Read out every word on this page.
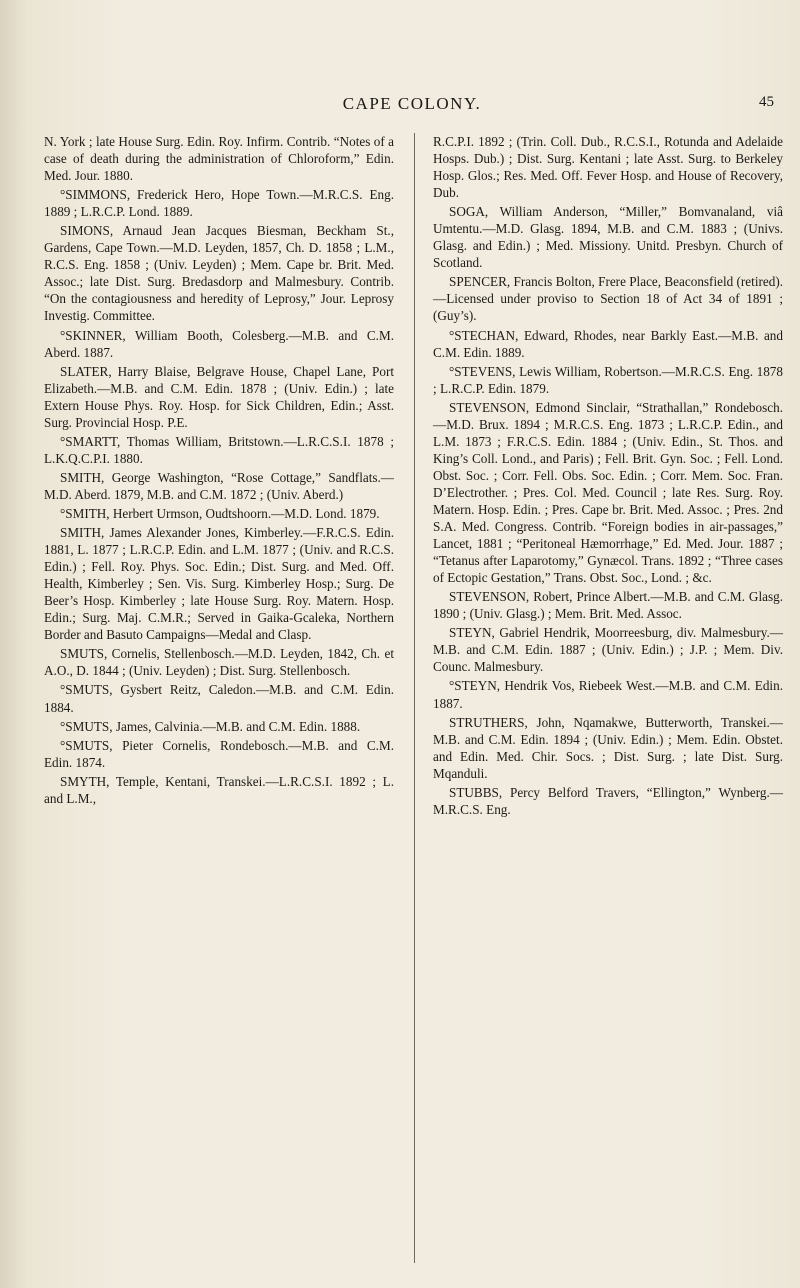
CAPE COLONY.	45

N. York ; late House Surg. Edin. Roy. Infirm. Contrib. “Notes of a case of death during the administration of Chloroform,” Edin. Med. Jour. 1880.

°SIMMONS, Frederick Hero, Hope Town.—M.R.C.S. Eng. 1889 ; L.R.C.P. Lond. 1889.

SIMONS, Arnaud Jean Jacques Biesman, Beckham St., Gardens, Cape Town.—M.D. Leyden, 1857, Ch. D. 1858 ; L.M., R.C.S. Eng. 1858 ; (Univ. Leyden) ; Mem. Cape br. Brit. Med. Assoc.; late Dist. Surg. Bredasdorp and Malmesbury. Contrib. “On the contagiousness and heredity of Leprosy,” Jour. Leprosy Investig. Committee.

°SKINNER, William Booth, Colesberg.—M.B. and C.M. Aberd. 1887.

SLATER, Harry Blaise, Belgrave House, Chapel Lane, Port Elizabeth.—M.B. and C.M. Edin. 1878 ; (Univ. Edin.) ; late Extern House Phys. Roy. Hosp. for Sick Children, Edin.; Asst. Surg. Provincial Hosp. P.E.

°SMARTT, Thomas William, Britstown.—L.R.C.S.I. 1878 ; L.K.Q.C.P.I. 1880.

SMITH, George Washington, “Rose Cottage,” Sandflats.—M.D. Aberd. 1879, M.B. and C.M. 1872 ; (Univ. Aberd.)

°SMITH, Herbert Urmson, Oudtshoorn.—M.D. Lond. 1879.

SMITH, James Alexander Jones, Kimberley.—F.R.C.S. Edin. 1881, L. 1877 ; L.R.C.P. Edin. and L.M. 1877 ; (Univ. and R.C.S. Edin.) ; Fell. Roy. Phys. Soc. Edin.; Dist. Surg. and Med. Off. Health, Kimberley ; Sen. Vis. Surg. Kimberley Hosp.; Surg. De Beer’s Hosp. Kimberley ; late House Surg. Roy. Matern. Hosp. Edin.; Surg. Maj. C.M.R.; Served in Gaika-Gcaleka, Northern Border and Basuto Campaigns—Medal and Clasp.

SMUTS, Cornelis, Stellenbosch.—M.D. Leyden, 1842, Ch. et A.O., D. 1844 ; (Univ. Leyden) ; Dist. Surg. Stellenbosch.

°SMUTS, Gysbert Reitz, Caledon.—M.B. and C.M. Edin. 1884.

°SMUTS, James, Calvinia.—M.B. and C.M. Edin. 1888.

°SMUTS, Pieter Cornelis, Rondebosch.—M.B. and C.M. Edin. 1874.

SMYTH, Temple, Kentani, Transkei.—L.R.C.S.I. 1892 ; L. and L.M.,

R.C.P.I. 1892 ; (Trin. Coll. Dub., R.C.S.I., Rotunda and Adelaide Hosps. Dub.) ; Dist. Surg. Kentani ; late Asst. Surg. to Berkeley Hosp. Glos.; Res. Med. Off. Fever Hosp. and House of Recovery, Dub.

SOGA, William Anderson, “Miller,” Bomvanaland, viâ Umtentu.—M.D. Glasg. 1894, M.B. and C.M. 1883 ; (Univs. Glasg. and Edin.) ; Med. Missiony. Unitd. Presbyn. Church of Scotland.

SPENCER, Francis Bolton, Frere Place, Beaconsfield (retired).—Licensed under proviso to Section 18 of Act 34 of 1891 ; (Guy’s).

°STECHAN, Edward, Rhodes, near Barkly East.—M.B. and C.M. Edin. 1889.

°STEVENS, Lewis William, Robertson.—M.R.C.S. Eng. 1878 ; L.R.C.P. Edin. 1879.

STEVENSON, Edmond Sinclair, “Strathallan,” Rondebosch.—M.D. Brux. 1894 ; M.R.C.S. Eng. 1873 ; L.R.C.P. Edin., and L.M. 1873 ; F.R.C.S. Edin. 1884 ; (Univ. Edin., St. Thos. and King’s Coll. Lond., and Paris) ; Fell. Brit. Gyn. Soc. ; Fell. Lond. Obst. Soc. ; Corr. Fell. Obs. Soc. Edin. ; Corr. Mem. Soc. Fran. D’Electrother. ; Pres. Col. Med. Council ; late Res. Surg. Roy. Matern. Hosp. Edin. ; Pres. Cape br. Brit. Med. Assoc. ; Pres. 2nd S.A. Med. Congress. Contrib. “Foreign bodies in air-passages,” Lancet, 1881 ; “Peritoneal Hæmorrhage,” Ed. Med. Jour. 1887 ; “Tetanus after Laparotomy,” Gynæcol. Trans. 1892 ; “Three cases of Ectopic Gestation,” Trans. Obst. Soc., Lond. ; &c.

STEVENSON, Robert, Prince Albert.—M.B. and C.M. Glasg. 1890 ; (Univ. Glasg.) ; Mem. Brit. Med. Assoc.

STEYN, Gabriel Hendrik, Moorreesburg, div. Malmesbury.—M.B. and C.M. Edin. 1887 ; (Univ. Edin.) ; J.P. ; Mem. Div. Counc. Malmesbury.

°STEYN, Hendrik Vos, Riebeek West.—M.B. and C.M. Edin. 1887.

STRUTHERS, John, Nqamakwe, Butterworth, Transkei.—M.B. and C.M. Edin. 1894 ; (Univ. Edin.) ; Mem. Edin. Obstet. and Edin. Med. Chir. Socs. ; Dist. Surg. ; late Dist. Surg. Mqanduli.

STUBBS, Percy Belford Travers, “Ellington,” Wynberg.—M.R.C.S. Eng.
